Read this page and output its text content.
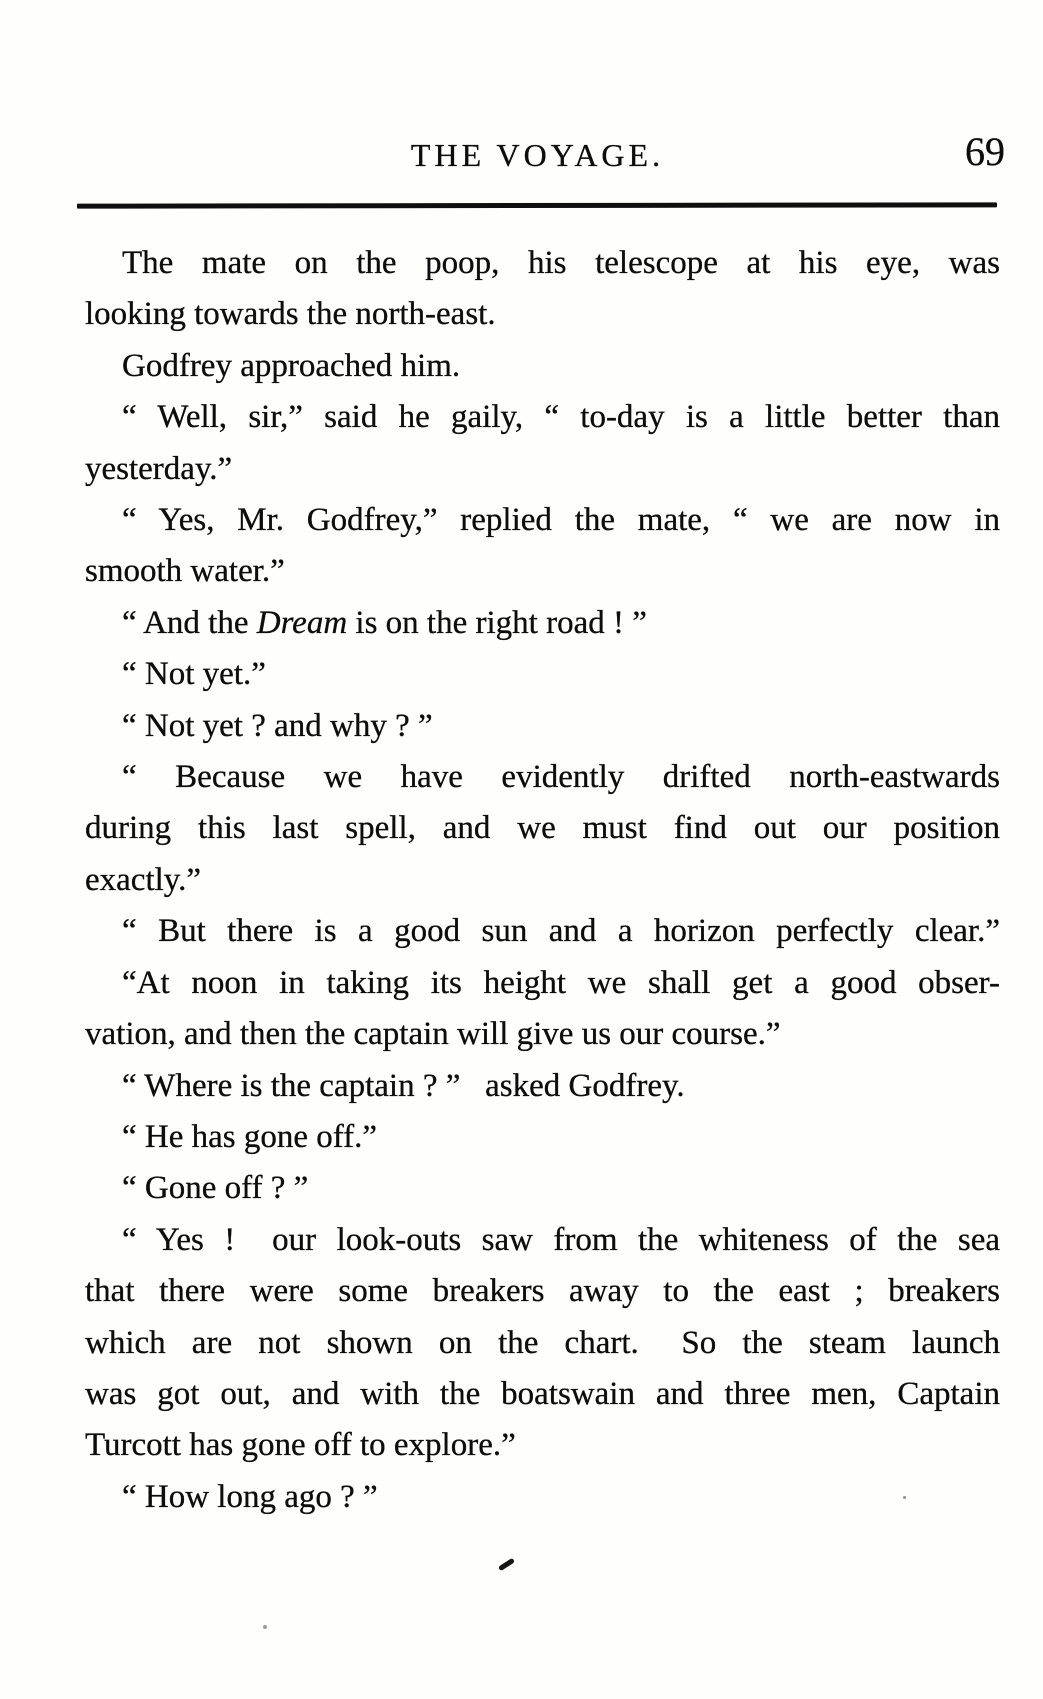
THE VOYAGE.	69
The mate on the poop, his telescope at his eye, was
looking towards the north-east.
Godfrey approached him.
“ Well, sir,” said he gaily, “ to-day is a little better than
yesterday.”
“ Yes, Mr. Godfrey,” replied the mate, “ we are now in
smooth water.”
“ And the Dream is on the right road ! ”
“ Not yet.”
“ Not yet ? and why ? ”
“ Because we have evidently drifted north-eastwards
during this last spell, and we must find out our position
exactly.”
“ But there is a good sun and a horizon perfectly clear.”
“At noon in taking its height we shall get a good obser-
vation, and then the captain will give us our course.”
“ Where is the captain ? ”  asked Godfrey.
“ He has gone off.”
“ Gone off ? ”
“ Yes !  our look-outs saw from the whiteness of the sea
that there were some breakers away to the east ; breakers
which are not shown on the chart.  So the steam launch
was got out, and with the boatswain and three men, Captain
Turcott has gone off to explore.”
“ How long ago ? ”
